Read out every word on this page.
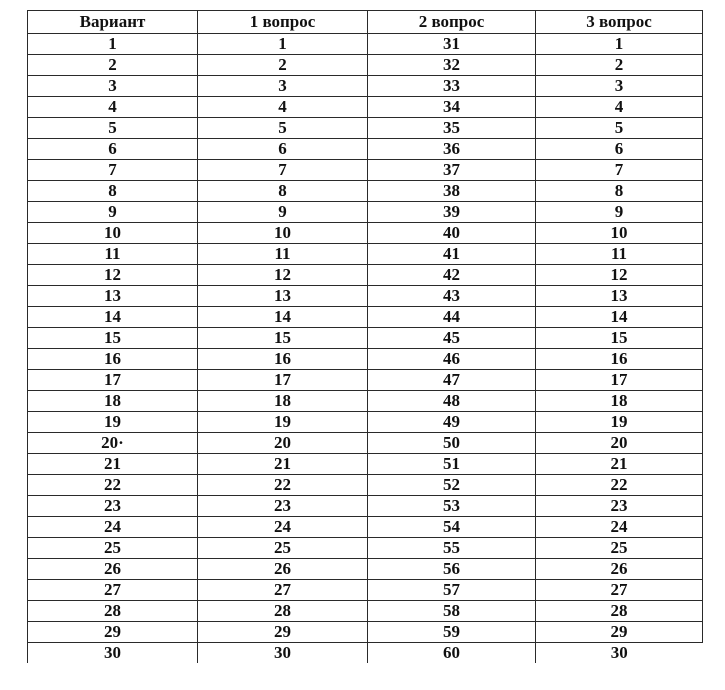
Вариант	1 вопрос	2 вопрос	3 вопрос
1	1	31	1
2	2	32	2
3	3	33	3
4	4	34	4
5	5	35	5
6	6	36	6
7	7	37	7
8	8	38	8
9	9	39	9
10	10	40	10
11	11	41	11
12	12	42	12
13	13	43	13
14	14	44	14
15	15	45	15
16	16	46	16
17	17	47	17
18	18	48	18
19	19	49	19
20·	20	50	20
21	21	51	21
22	22	52	22
23	23	53	23
24	24	54	24
25	25	55	25
26	26	56	26
27	27	57	27
28	28	58	28
29	29	59	29
30	30	60	30
